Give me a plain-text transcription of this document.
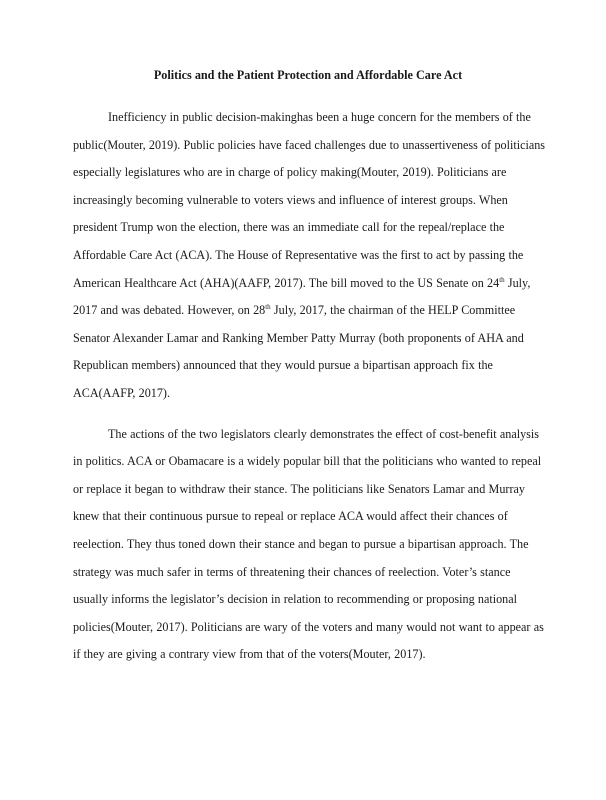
Politics and the Patient Protection and Affordable Care Act

Inefficiency in public decision-makinghas been a huge concern for the members of the
public(Mouter, 2019). Public policies have faced challenges due to unassertiveness of politicians
especially legislatures who are in charge of policy making(Mouter, 2019). Politicians are
increasingly becoming vulnerable to voters views and influence of interest groups. When
president Trump won the election, there was an immediate call for the repeal/replace the
Affordable Care Act (ACA). The House of Representative was the first to act by passing the
American Healthcare Act (AHA)(AAFP, 2017). The bill moved to the US Senate on 24th July,
2017 and was debated. However, on 28th July, 2017, the chairman of the HELP Committee
Senator Alexander Lamar and Ranking Member Patty Murray (both proponents of AHA and
Republican members) announced that they would pursue a bipartisan approach fix the
ACA(AAFP, 2017).

The actions of the two legislators clearly demonstrates the effect of cost-benefit analysis
in politics. ACA or Obamacare is a widely popular bill that the politicians who wanted to repeal
or replace it began to withdraw their stance. The politicians like Senators Lamar and Murray
knew that their continuous pursue to repeal or replace ACA would affect their chances of
reelection. They thus toned down their stance and began to pursue a bipartisan approach. The
strategy was much safer in terms of threatening their chances of reelection. Voter’s stance
usually informs the legislator’s decision in relation to recommending or proposing national
policies(Mouter, 2017). Politicians are wary of the voters and many would not want to appear as
if they are giving a contrary view from that of the voters(Mouter, 2017).
